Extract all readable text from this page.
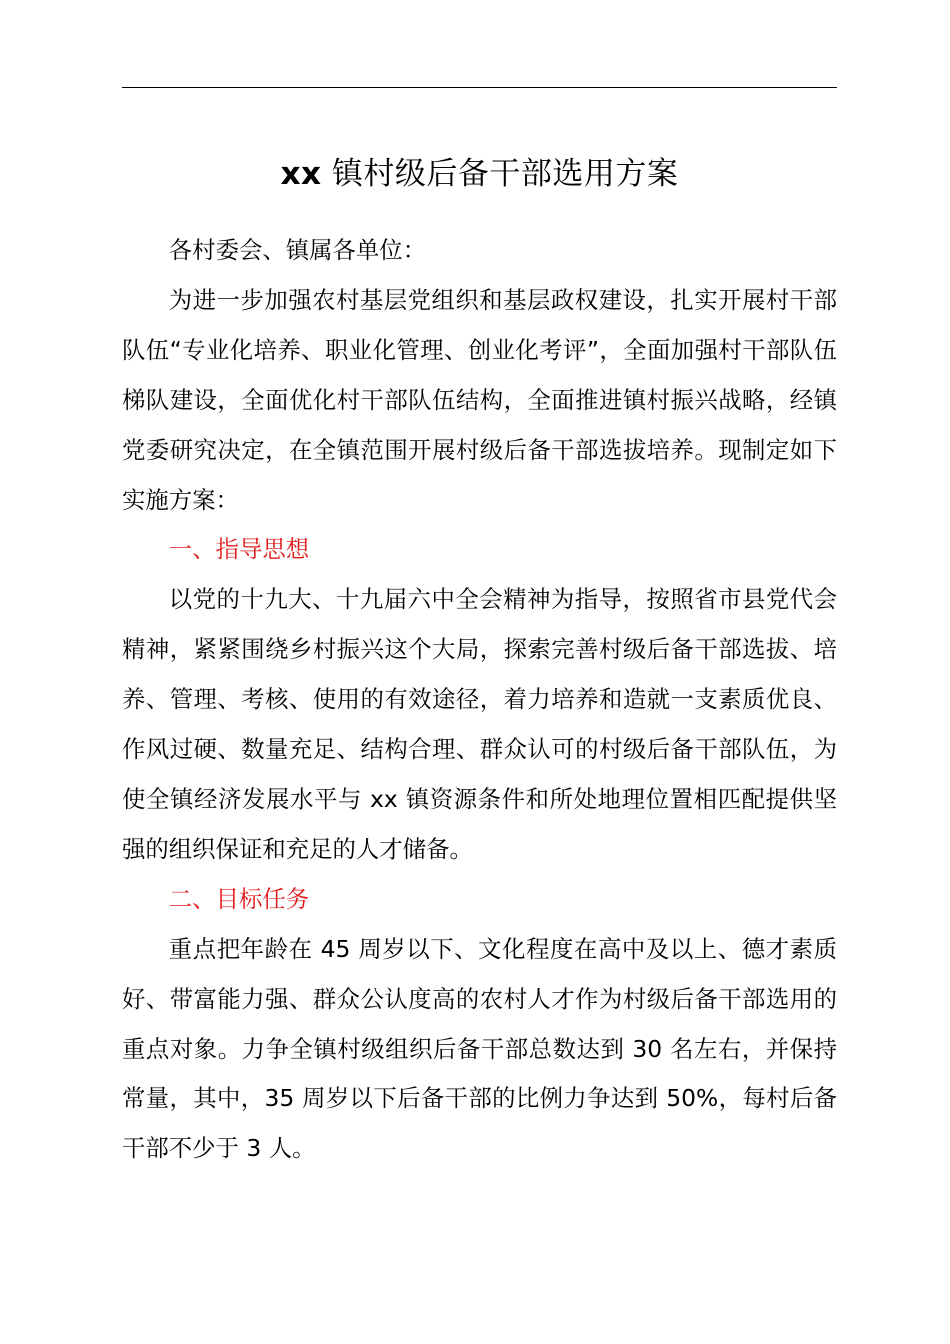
xx 镇村级后备干部选用方案

各村委会、镇属各单位：

为进一步加强农村基层党组织和基层政权建设，扎实开展村干部队伍“专业化培养、职业化管理、创业化考评”，全面加强村干部队伍梯队建设，全面优化村干部队伍结构，全面推进镇村振兴战略，经镇党委研究决定，在全镇范围开展村级后备干部选拔培养。现制定如下实施方案：

一、指导思想

以党的十九大、十九届六中全会精神为指导，按照省市县党代会精神，紧紧围绕乡村振兴这个大局，探索完善村级后备干部选拔、培养、管理、考核、使用的有效途径，着力培养和造就一支素质优良、作风过硬、数量充足、结构合理、群众认可的村级后备干部队伍，为使全镇经济发展水平与 xx 镇资源条件和所处地理位置相匹配提供坚强的组织保证和充足的人才储备。

二、目标任务

重点把年龄在 45 周岁以下、文化程度在高中及以上、德才素质好、带富能力强、群众公认度高的农村人才作为村级后备干部选用的重点对象。力争全镇村级组织后备干部总数达到 30 名左右，并保持常量，其中，35 周岁以下后备干部的比例力争达到 50%，每村后备干部不少于 3 人。
